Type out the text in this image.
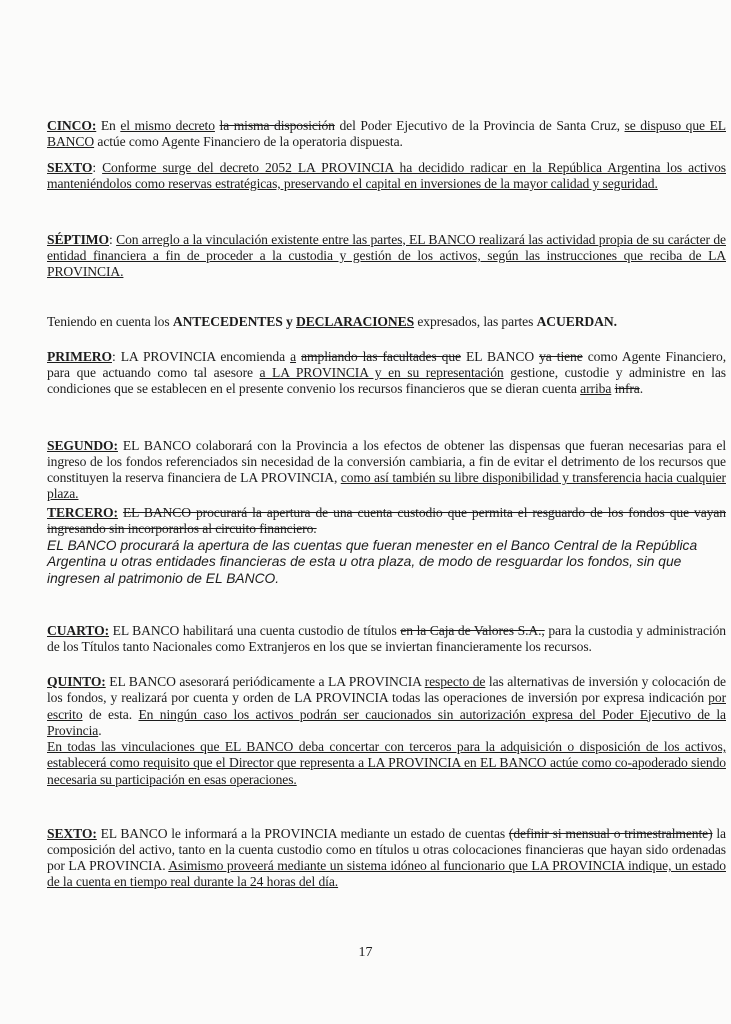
CINCO: En el mismo decreto la misma disposición del Poder Ejecutivo de la Provincia de Santa Cruz, se dispuso que EL BANCO actúe como Agente Financiero de la operatoria dispuesta.

SEXTO: Conforme surge del decreto 2052 LA PROVINCIA ha decidido radicar en la República Argentina los activos manteniéndolos como reservas estratégicas, preservando el capital en inversiones de la mayor calidad y seguridad.

SÉPTIMO: Con arreglo a la vinculación existente entre las partes, EL BANCO realizará las actividad propia de su carácter de entidad financiera a fin de proceder a la custodia y gestión de los activos, según las instrucciones que reciba de LA PROVINCIA.

Teniendo en cuenta los ANTECEDENTES y DECLARACIONES expresados, las partes ACUERDAN.

PRIMERO: LA PROVINCIA encomienda a ampliando las facultades que EL BANCO ya tiene como Agente Financiero, para que actuando como tal asesore a LA PROVINCIA y en su representación gestione, custodie y administre en las condiciones que se establecen en el presente convenio los recursos financieros que se dieran cuenta arriba infra.

SEGUNDO: EL BANCO colaborará con la Provincia a los efectos de obtener las dispensas que fueran necesarias para el ingreso de los fondos referenciados sin necesidad de la conversión cambiaria, a fin de evitar el detrimento de los recursos que constituyen la reserva financiera de LA PROVINCIA, como así también su libre disponibilidad y transferencia hacia cualquier plaza.

TERCERO: EL BANCO procurará la apertura de una cuenta custodio que permita el resguardo de los fondos que vayan ingresando sin incorporarlos al circuito financiero.
EL BANCO procurará la apertura de las cuentas que fueran menester en el Banco Central de la República Argentina u otras entidades financieras de esta u otra plaza, de modo de resguardar los fondos, sin que ingresen al patrimonio de EL BANCO.

CUARTO: EL BANCO habilitará una cuenta custodio de títulos en la Caja de Valores S.A., para la custodia y administración de los Títulos tanto Nacionales como Extranjeros en los que se inviertan financieramente los recursos.

QUINTO: EL BANCO asesorará periódicamente a LA PROVINCIA respecto de las alternativas de inversión y colocación de los fondos, y realizará por cuenta y orden de LA PROVINCIA todas las operaciones de inversión por expresa indicación por escrito de esta. En ningún caso los activos podrán ser caucionados sin autorización expresa del Poder Ejecutivo de la Provincia.
En todas las vinculaciones que EL BANCO deba concertar con terceros para la adquisición o disposición de los activos, establecerá como requisito que el Director que representa a LA PROVINCIA en EL BANCO actúe como co-apoderado siendo necesaria su participación en esas operaciones.

SEXTO: EL BANCO le informará a la PROVINCIA mediante un estado de cuentas (definir si mensual o trimestralmente) la composición del activo, tanto en la cuenta custodio como en títulos u otras colocaciones financieras que hayan sido ordenadas por LA PROVINCIA. Asimismo proveerá mediante un sistema idóneo al funcionario que LA PROVINCIA indique, un estado de la cuenta en tiempo real durante la 24 horas del día.

17
